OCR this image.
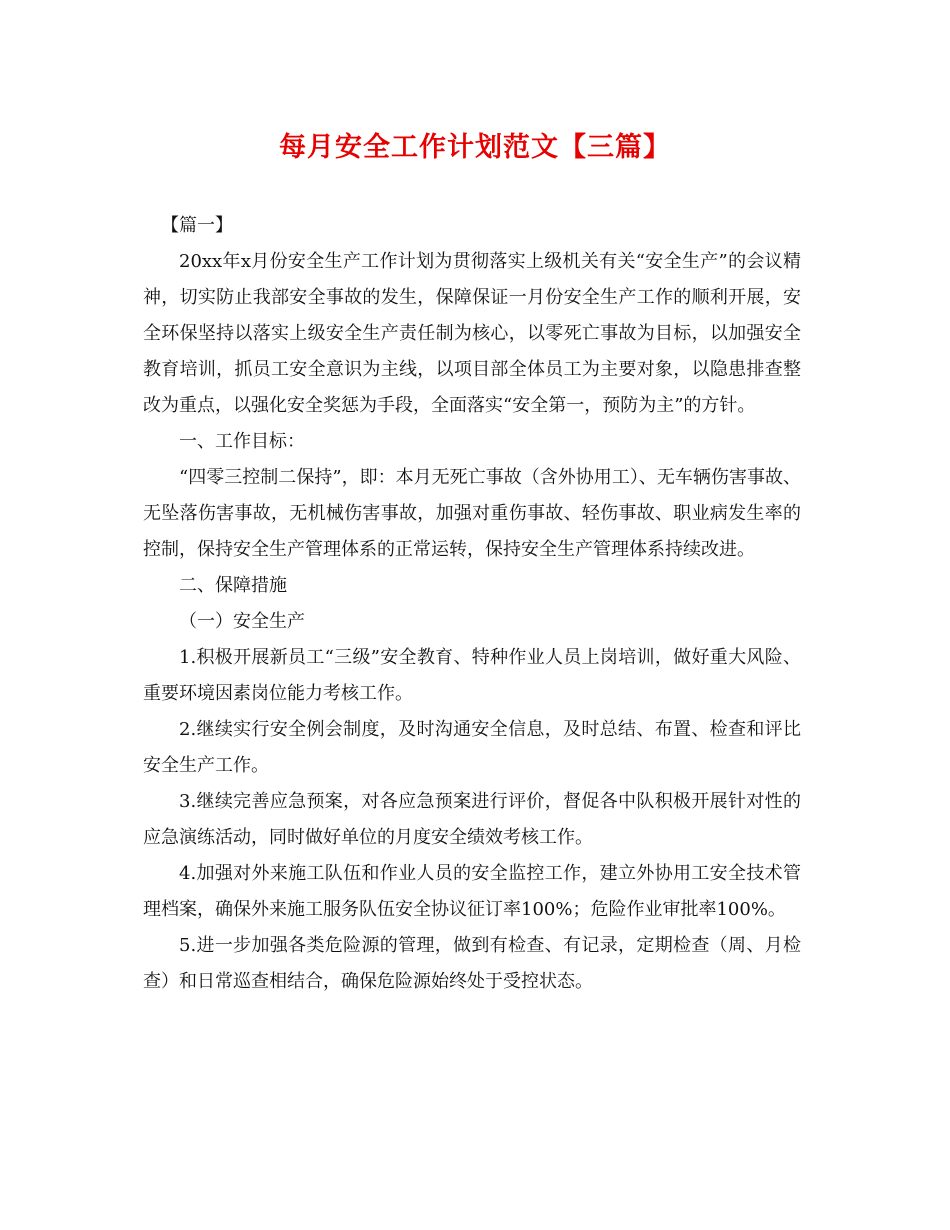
每月安全工作计划范文【三篇】

【篇一】

20xx年x月份安全生产工作计划为贯彻落实上级机关有关“安全生产”的会议精神，切实防止我部安全事故的发生，保障保证一月份安全生产工作的顺利开展，安全环保坚持以落实上级安全生产责任制为核心，以零死亡事故为目标，以加强安全教育培训，抓员工安全意识为主线，以项目部全体员工为主要对象，以隐患排查整改为重点，以强化安全奖惩为手段，全面落实“安全第一，预防为主”的方针。

一、工作目标：

“四零三控制二保持”，即：本月无死亡事故（含外协用工）、无车辆伤害事故、无坠落伤害事故，无机械伤害事故，加强对重伤事故、轻伤事故、职业病发生率的控制，保持安全生产管理体系的正常运转，保持安全生产管理体系持续改进。

二、保障措施

（一）安全生产

1.积极开展新员工“三级”安全教育、特种作业人员上岗培训，做好重大风险、重要环境因素岗位能力考核工作。

2.继续实行安全例会制度，及时沟通安全信息，及时总结、布置、检查和评比安全生产工作。

3.继续完善应急预案，对各应急预案进行评价，督促各中队积极开展针对性的应急演练活动，同时做好单位的月度安全绩效考核工作。

4.加强对外来施工队伍和作业人员的安全监控工作，建立外协用工安全技术管理档案，确保外来施工服务队伍安全协议征订率100%；危险作业审批率100%。

5.进一步加强各类危险源的管理，做到有检查、有记录，定期检查（周、月检查）和日常巡查相结合，确保危险源始终处于受控状态。
